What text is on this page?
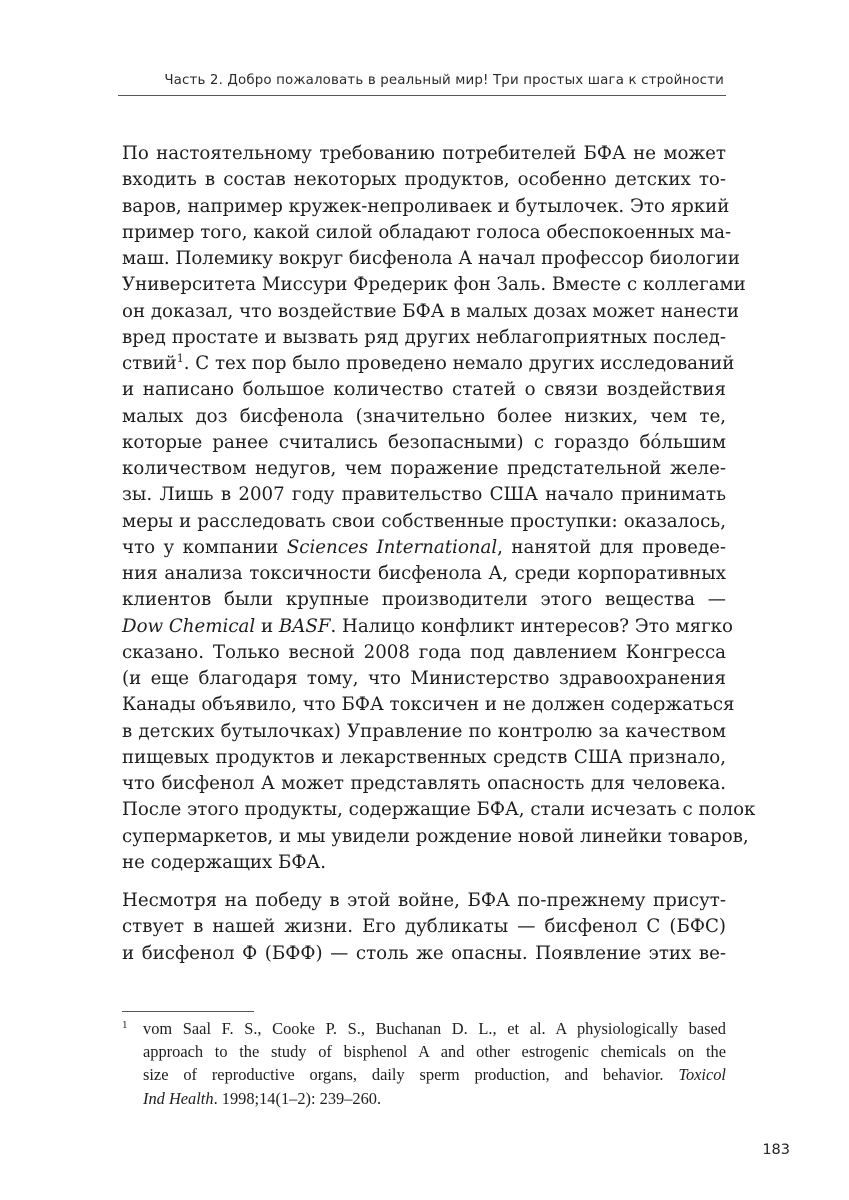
Часть 2. Добро пожаловать в реальный мир! Три простых шага к стройности
По настоятельному требованию потребителей БФА не может
входить в состав некоторых продуктов, особенно детских то-
варов, например кружек-непроливаек и бутылочек. Это яркий
пример того, какой силой обладают голоса обеспокоенных ма-
маш. Полемику вокруг бисфенола А начал профессор биологии
Университета Миссури Фредерик фон Заль. Вместе с коллегами
он доказал, что воздействие БФА в малых дозах может нанести
вред простате и вызвать ряд других неблагоприятных послед-
ствий$^1$. С тех пор было проведено немало других исследований
и написано большое количество статей о связи воздействия
малых доз бисфенола (значительно более низких, чем те,
которые ранее считались безопасными) с гораздо бóльшим
количеством недугов, чем поражение предстательной желе-
зы. Лишь в 2007 году правительство США начало принимать
меры и расследовать свои собственные проступки: оказалось,
что у компании Sciences International, нанятой для проведе-
ния анализа токсичности бисфенола А, среди корпоративных
клиентов были крупные производители этого вещества —
Dow Chemical и BASF. Налицо конфликт интересов? Это мягко
сказано. Только весной 2008 года под давлением Конгресса
(и еще благодаря тому, что Министерство здравоохранения
Канады объявило, что БФА токсичен и не должен содержаться
в детских бутылочках) Управление по контролю за качеством
пищевых продуктов и лекарственных средств США признало,
что бисфенол А может представлять опасность для человека.
После этого продукты, содержащие БФА, стали исчезать с полок
супермаркетов, и мы увидели рождение новой линейки товаров,
не содержащих БФА.
Несмотря на победу в этой войне, БФА по-прежнему присут-
ствует в нашей жизни. Его дубликаты — бисфенол С (БФС)
и бисфенол Ф (БФФ) — столь же опасны. Появление этих ве-
1 vom Saal F. S., Cooke P. S., Buchanan D. L., et al. A physiologically based
approach to the study of bisphenol A and other estrogenic chemicals on the
size of reproductive organs, daily sperm production, and behavior. Toxicol
Ind Health. 1998;14(1–2): 239–260.
183
